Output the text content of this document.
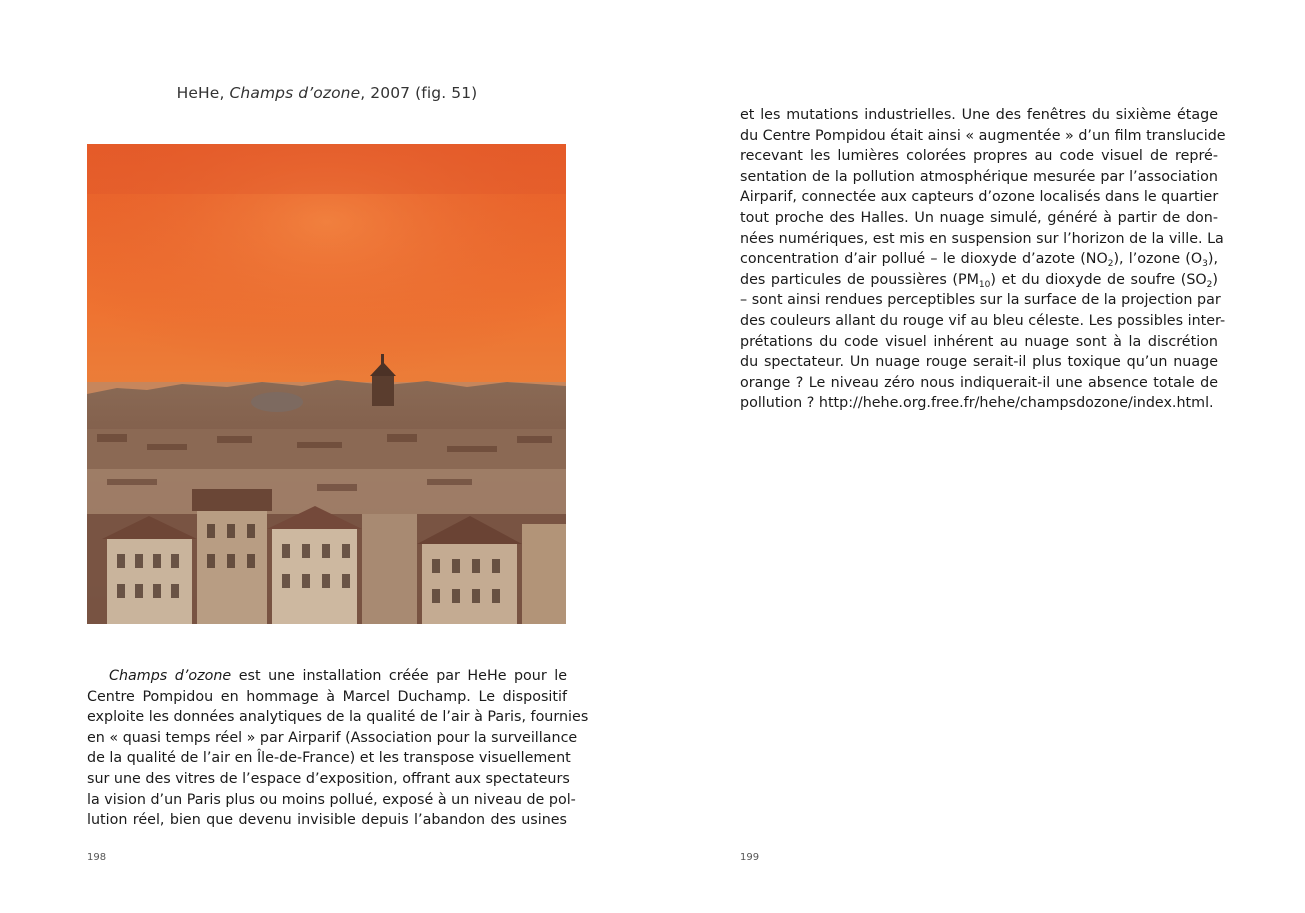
HeHe, Champs d’ozone, 2007 (fig. 51)
Champs d’ozone est une installation créée par HeHe pour le
Centre Pompidou en hommage à Marcel Duchamp. Le dispositif
exploite les données analytiques de la qualité de l’air à Paris, fournies
en « quasi temps réel » par Airparif (Association pour la surveillance
de la qualité de l’air en Île-de-France) et les transpose visuellement
sur une des vitres de l’espace d’exposition, offrant aux spectateurs
la vision d’un Paris plus ou moins pollué, exposé à un niveau de pol-
lution réel, bien que devenu invisible depuis l’abandon des usines
198
et les mutations industrielles. Une des fenêtres du sixième étage
du Centre Pompidou était ainsi « augmentée » d’un film translucide
recevant les lumières colorées propres au code visuel de repré-
sentation de la pollution atmosphérique mesurée par l’association
Airparif, connectée aux capteurs d’ozone localisés dans le quartier
tout proche des Halles. Un nuage simulé, généré à partir de don-
nées numériques, est mis en suspension sur l’horizon de la ville. La
concentration d’air pollué – le dioxyde d’azote $(NO_2)$, l’ozone $(O_3)$,
des particules de poussières $(PM_{10})$ et du dioxyde de soufre $(SO_2)$
– sont ainsi rendues perceptibles sur la surface de la projection par
des couleurs allant du rouge vif au bleu céleste. Les possibles inter-
prétations du code visuel inhérent au nuage sont à la discrétion
du spectateur. Un nuage rouge serait-il plus toxique qu’un nuage
orange ? Le niveau zéro nous indiquerait-il une absence totale de
pollution ? http://hehe.org.free.fr/hehe/champsdozone/index.html.
199
